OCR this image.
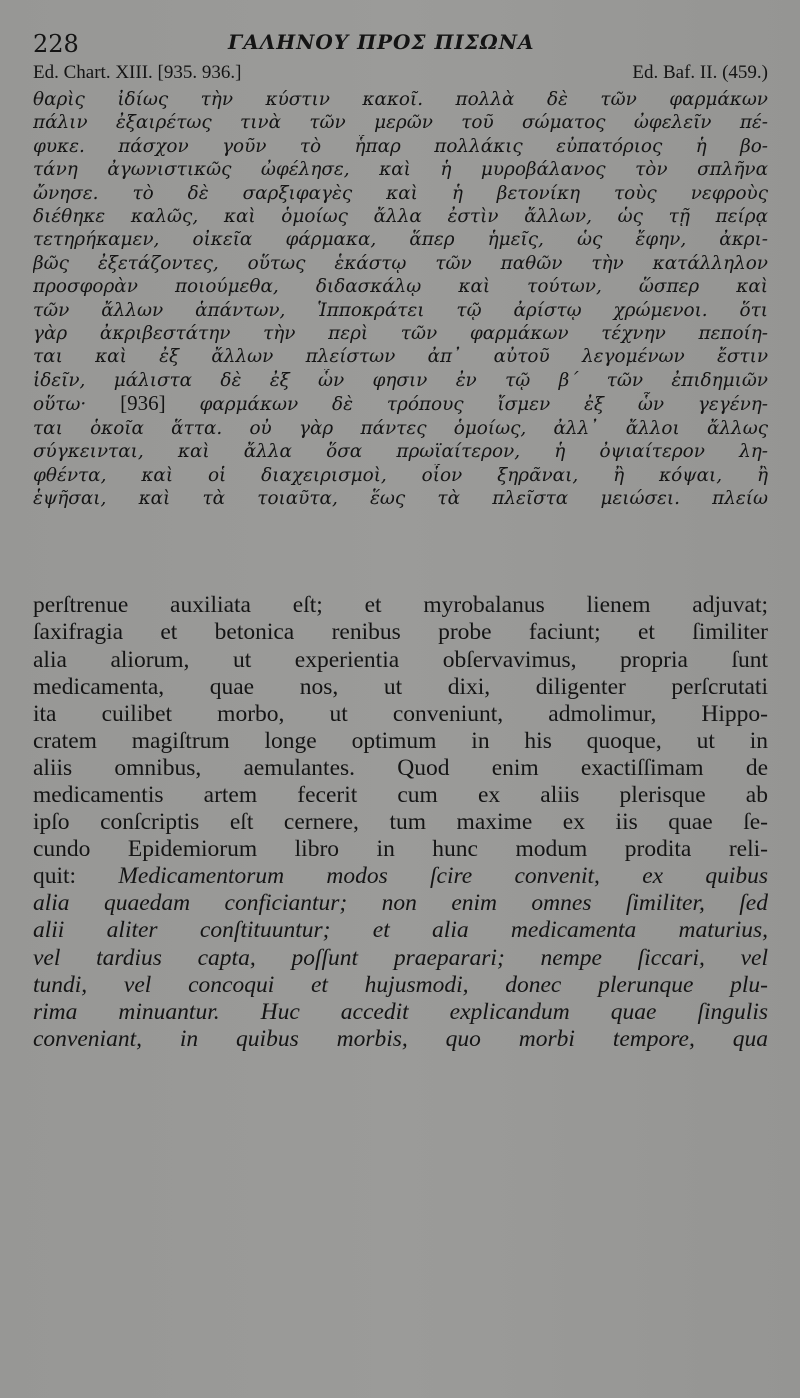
228	ΓΑΛΗΝΟΥ ΠΡΟΣ ΠΙΣΩΝΑ
Ed. Chart. XIII. [935. 936.]	Ed. Baf. II. (459.)
θαρὶς ἰδίως τὴν κύστιν κακοῖ. πολλὰ δὲ τῶν φαρμάκων
πάλιν ἐξαιρέτως τινὰ τῶν μερῶν τοῦ σώματος ὠφελεῖν πέ-
φυκε. πάσχον γοῦν τὸ ἧπαρ πολλάκις εὐπατόριος ἡ βο-
τάνη ἀγωνιστικῶς ὠφέλησε, καὶ ἡ μυροβάλανος τὸν σπλῆνα
ὤνησε. τὸ δὲ σαρξιφαγὲς καὶ ἡ βετονίκη τοὺς νεφροὺς
διέθηκε καλῶς, καὶ ὁμοίως ἄλλα ἐστὶν ἄλλων, ὡς τῇ πείρᾳ
τετηρήκαμεν, οἰκεῖα φάρμακα, ἅπερ ἡμεῖς, ὡς ἔφην, ἀκρι-
βῶς ἐξετάζοντες, οὕτως ἑκάστῳ τῶν παθῶν τὴν κατάλληλον
προσφορὰν ποιούμεθα, διδασκάλῳ καὶ τούτων, ὥσπερ καὶ
τῶν ἄλλων ἁπάντων, Ἱπποκράτει τῷ ἀρίστῳ χρώμενοι. ὅτι
γὰρ ἀκριβεστάτην τὴν περὶ τῶν φαρμάκων τέχνην πεποίη-
ται καὶ ἐξ ἄλλων πλείστων ἀπ᾽ αὐτοῦ λεγομένων ἔστιν
ἰδεῖν, μάλιστα δὲ ἐξ ὧν φησιν ἐν τῷ β΄ τῶν ἐπιδημιῶν
οὕτω· [936] φαρμάκων δὲ τρόπους ἴσμεν ἐξ ὧν γεγένη-
ται ὁκοῖα ἅττα. οὐ γὰρ πάντες ὁμοίως, ἀλλ᾽ ἄλλοι ἄλλως
σύγκεινται, καὶ ἄλλα ὅσα πρωϊαίτερον, ἡ ὀψιαίτερον λη-
φθέντα, καὶ οἱ διαχειρισμοὶ, οἷον ξηρᾶναι, ἢ κόψαι, ἢ
ἑψῆσαι, καὶ τὰ τοιαῦτα, ἕως τὰ πλεῖστα μειώσει. πλείω
perſtrenue auxiliata eſt; et myrobalanus lienem adjuvat;
ſaxifragia et betonica renibus probe faciunt; et ſimiliter
alia aliorum, ut experientia obſervavimus, propria ſunt
medicamenta, quae nos, ut dixi, diligenter perſcrutati
ita cuilibet morbo, ut conveniunt, admolimur, Hippo-
cratem magiſtrum longe optimum in his quoque, ut in
aliis omnibus, aemulantes. Quod enim exactiſſimam de
medicamentis artem fecerit cum ex aliis plerisque ab
ipſo conſcriptis eſt cernere, tum maxime ex iis quae ſe-
cundo Epidemiorum libro in hunc modum prodita reli-
quit: Medicamentorum modos ſcire convenit, ex quibus
alia quaedam conficiantur; non enim omnes ſimiliter, ſed
alii aliter conſtituuntur; et alia medicamenta maturius,
vel tardius capta, poſſunt praeparari; nempe ſiccari, vel
tundi, vel concoqui et hujusmodi, donec plerunque plu-
rima minuantur. Huc accedit explicandum quae ſingulis
conveniant, in quibus morbis, quo morbi tempore, qua
